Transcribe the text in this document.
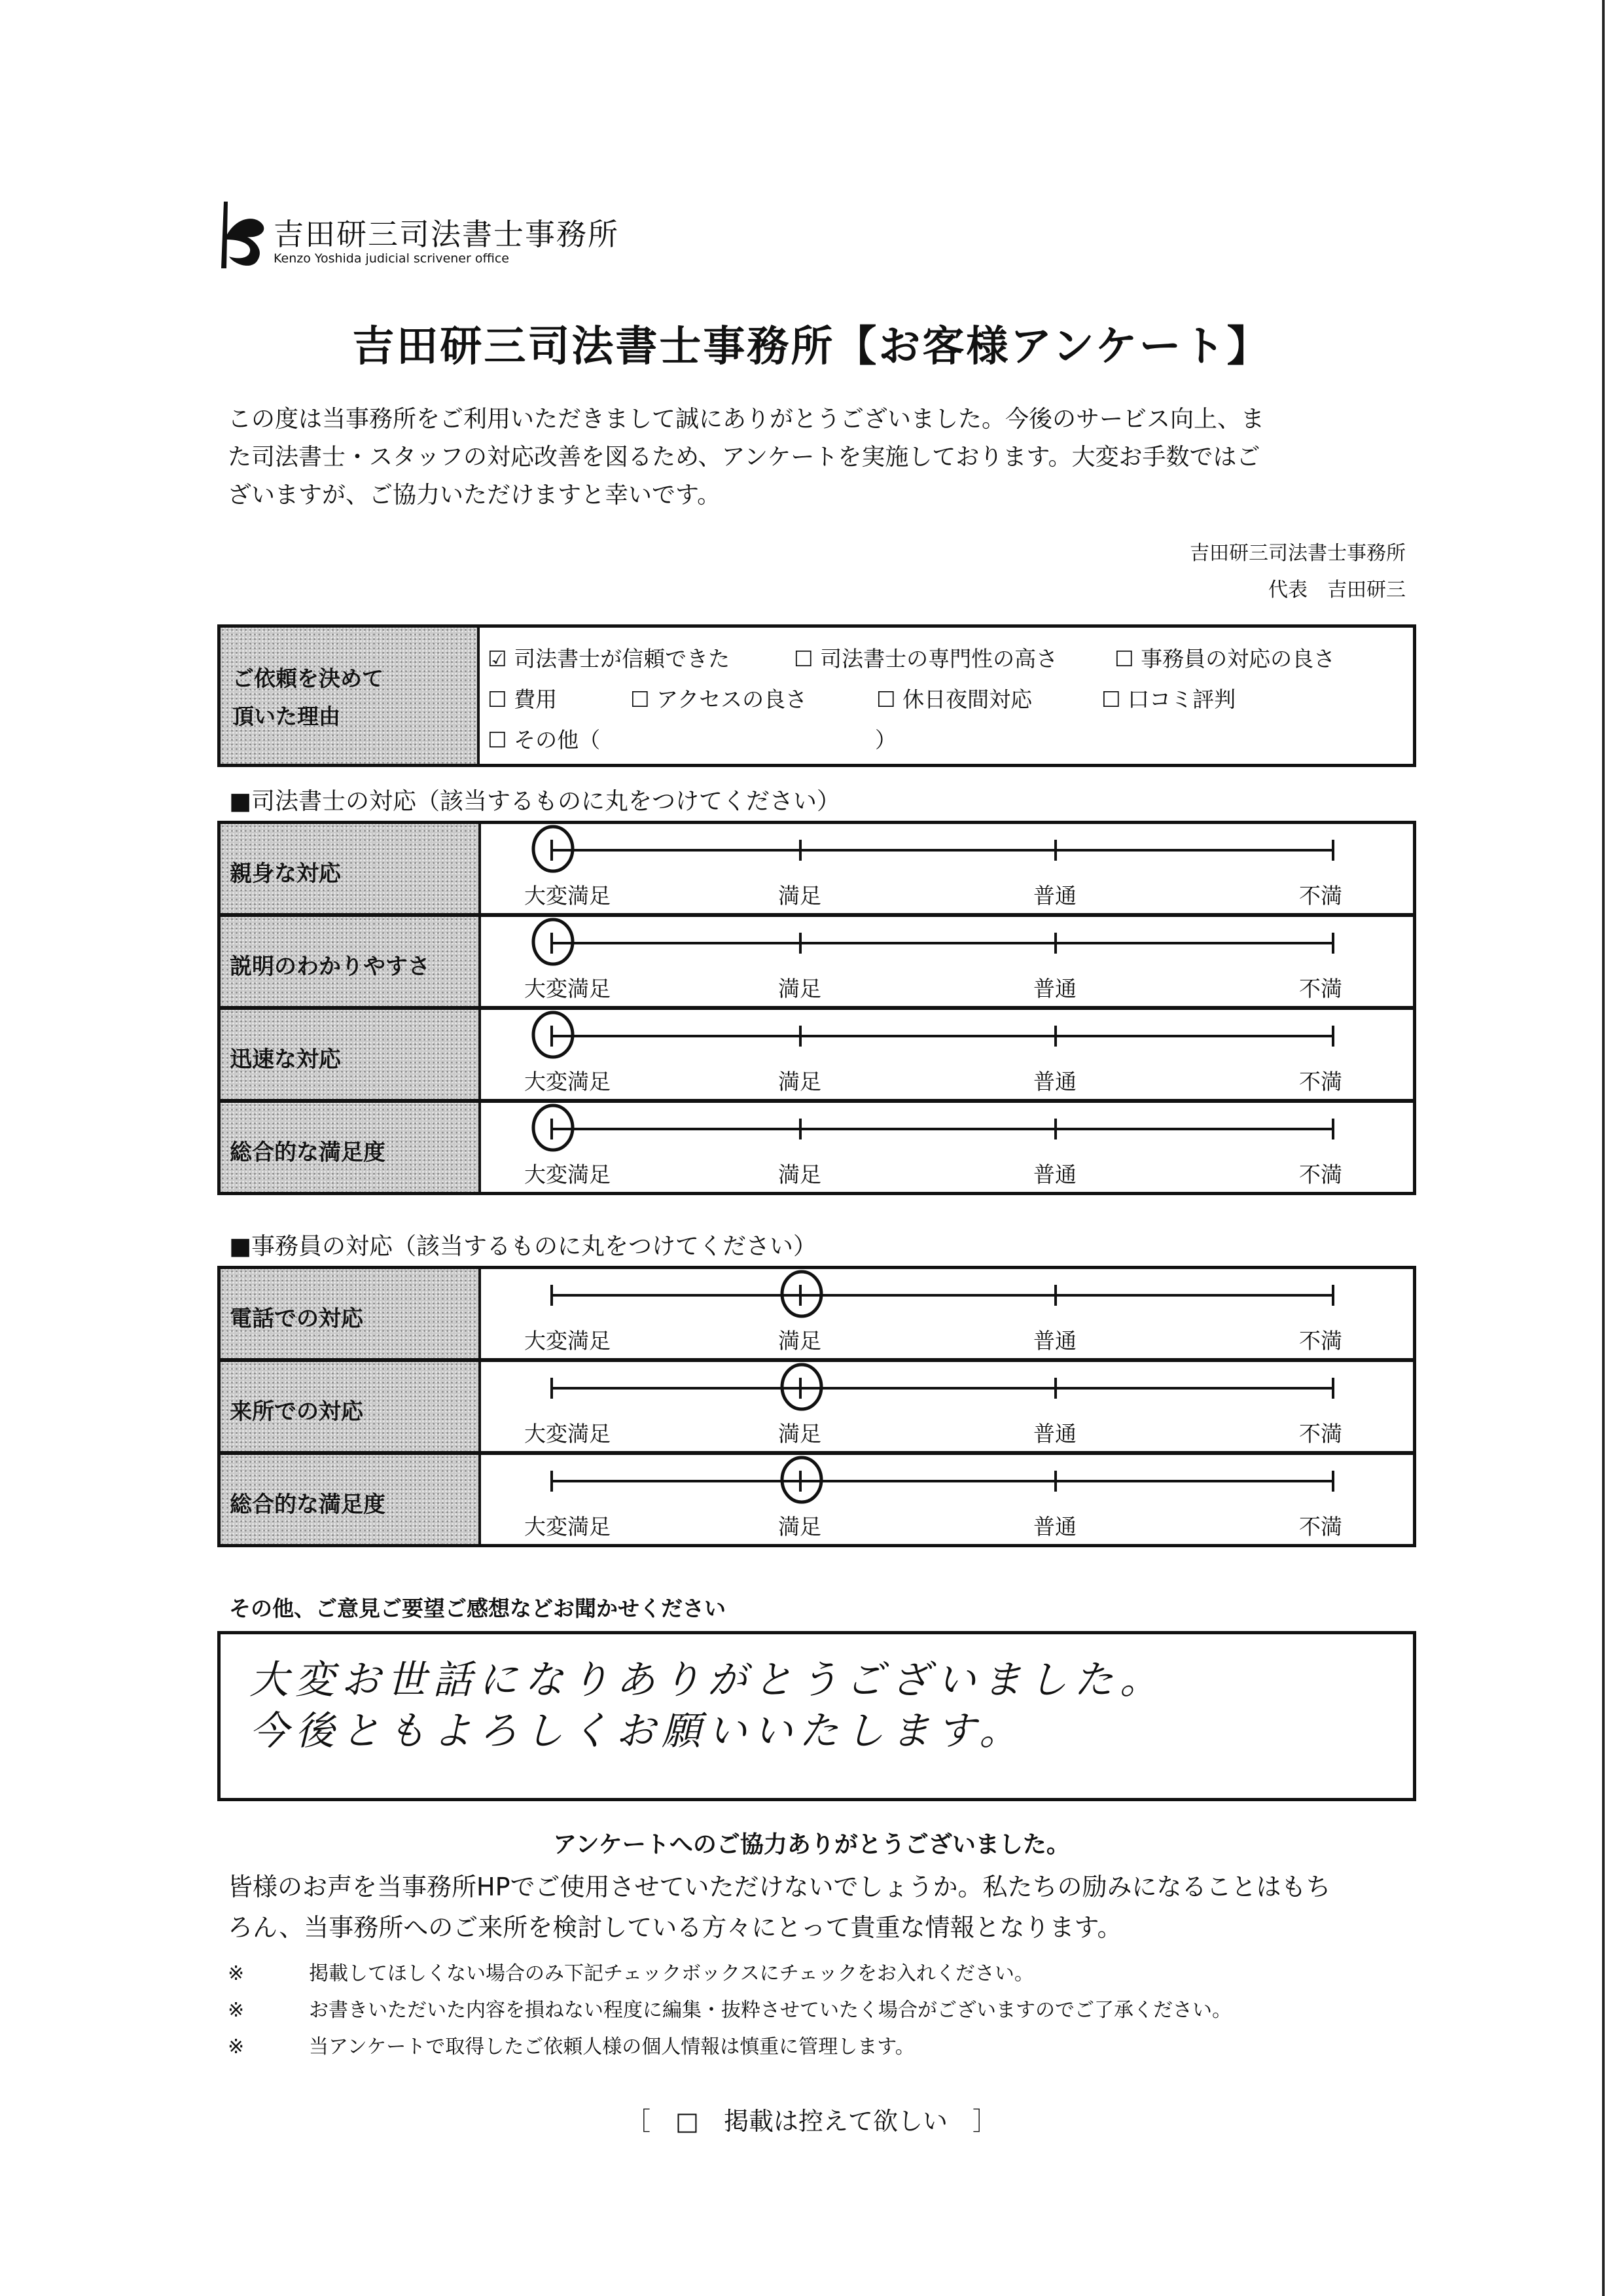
吉田研三司法書士事務所
Kenzo Yoshida judicial scrivener office
吉田研三司法書士事務所【お客様アンケート】

この度は当事務所をご利用いただきまして誠にありがとうございました。今後のサービス向上、ま

た司法書士・スタッフの対応改善を図るため、アンケートを実施しております。大変お手数ではご

ざいますが、ご協力いただけますと幸いです。

吉田研三司法書士事務所
代表　吉田研三
ご依頼を決めて
頂いた理由
☑ 司法書士が信頼できた	☐ 司法書士の専門性の高さ	☐ 事務員の対応の良さ
☐ 費用	☐ アクセスの良さ	☐ 休日夜間対応	☐ 口コミ評判
☐ その他（	）
■司法書士の対応（該当するものに丸をつけてください）
親身な対応
大変満足	満足	普通	不満
説明のわかりやすさ
大変満足	満足	普通	不満
迅速な対応
大変満足	満足	普通	不満
総合的な満足度
大変満足	満足	普通	不満
■事務員の対応（該当するものに丸をつけてください）
電話での対応
大変満足	満足	普通	不満
来所での対応
大変満足	満足	普通	不満
総合的な満足度
大変満足	満足	普通	不満
その他、ご意見ご要望ご感想などお聞かせください
大変お世話になりありがとうございました。
今後ともよろしくお願いいたします。
アンケートへのご協力ありがとうございました。

皆様のお声を当事務所HPでご使用させていただけないでしょうか。私たちの励みになることはもち

ろん、当事務所へのご来所を検討している方々にとって貴重な情報となります。

※	掲載してほしくない場合のみ下記チェックボックスにチェックをお入れください。
※	お書きいただいた内容を損ねない程度に編集・抜粋させていたく場合がございますのでご了承ください。
※	当アンケートで取得したご依頼人様の個人情報は慎重に管理します。
［　□　掲載は控えて欲しい　］
